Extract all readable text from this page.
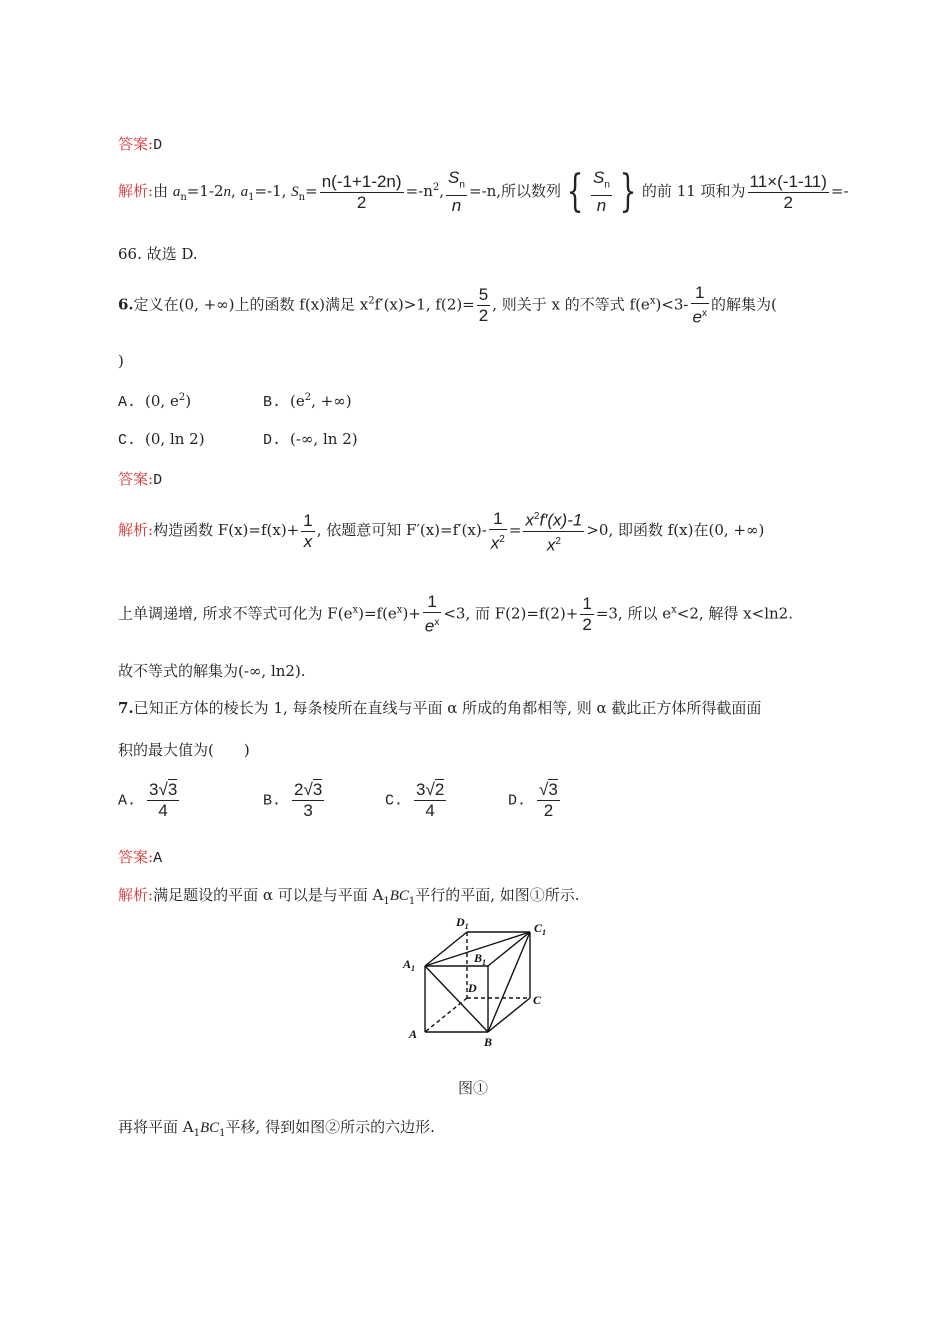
答案:D
解析:由 $a_n=1-2n$, $a_1=-1$, $S_n= \frac{n(-1+1-2n)}{2} =-n^2$, $\frac{S_n}{n} =-n$,所以数列 { $\frac{S_n}{n}$ } 的前 11 项和为 $\frac{11\times(-1-11)}{2}$ =-
66. 故选 D.
6.定义在(0, +∞)上的函数 f(x)满足 $x^2f'(x)>1$, $f(2)= \frac{5}{2}$ , 则关于 x 的不等式 $f(e^x)<3- \frac{1}{e^x}$ 的解集为(
)
A. (0, $e^2$)	B. ($e^2$, +∞)
C. (0, ln 2)	D. (-∞, ln 2)
答案:D
解析:构造函数 $F(x)=f(x)+ \frac{1}{x}$ , 依题意可知 $F'(x)=f'(x)- \frac{1}{x^2} = \frac{x^2f'(x)-1}{x^2} >0$, 即函数 f(x)在(0, +∞)
上单调递增, 所求不等式可化为 $F(e^x)=f(e^x)+ \frac{1}{e^x} <3$, 而 $F(2)=f(2)+ \frac{1}{2} =3$, 所以 $e^x<2$, 解得 x<ln2.
故不等式的解集为(-∞, ln2).
7.已知正方体的棱长为 1, 每条棱所在直线与平面 α 所成的角都相等, 则 α 截此正方体所得截面面
积的最大值为(　　)
A. $\frac{3√3}{4}$	B. $\frac{2√3}{3}$	C. $\frac{3√2}{4}$	D. $\frac{√3}{2}$
答案:A
解析:满足题设的平面 α 可以是与平面 $A_1BC_1$平行的平面, 如图①所示.
$D_1$	$C_1$
$A_1$
$B_1$
D
C
A
B
图①
再将平面 $A_1BC_1$平移, 得到如图②所示的六边形.
